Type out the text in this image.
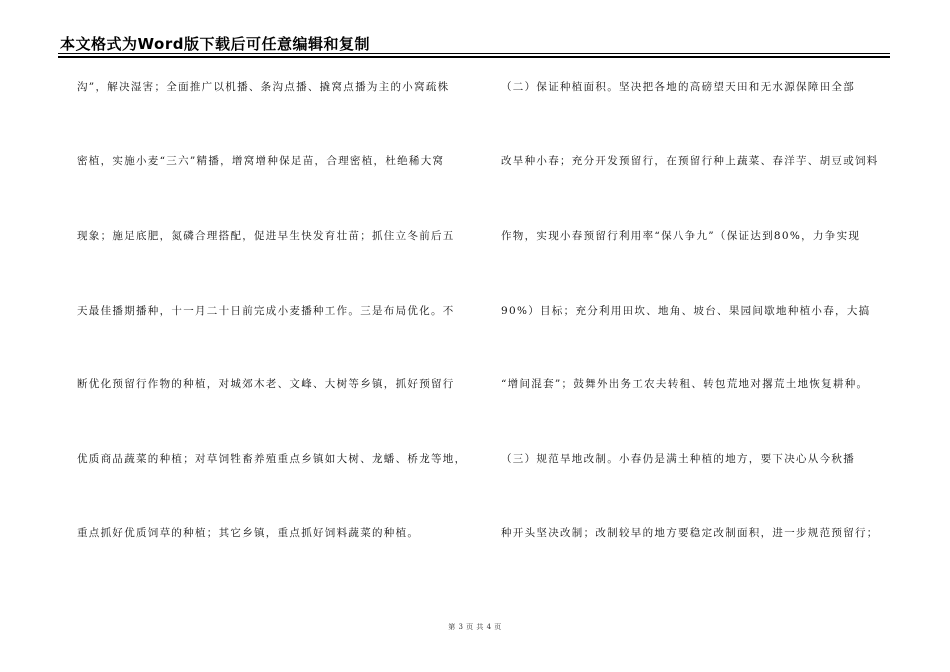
本文格式为Word版下载后可任意编辑和复制
沟”，解决湿害；全面推广以机播、条沟点播、撬窝点播为主的小窝疏株
密植，实施小麦“三六”精播，增窝增种保足苗，合理密植，杜绝稀大窝
现象；施足底肥，氮磷合理搭配，促进早生快发育壮苗；抓住立冬前后五
天最佳播期播种，十一月二十日前完成小麦播种工作。三是布局优化。不
断优化预留行作物的种植，对城郊木老、文峰、大树等乡镇，抓好预留行
优质商品蔬菜的种植；对草饲牲畜养殖重点乡镇如大树、龙蟠、桥龙等地，
重点抓好优质饲草的种植；其它乡镇，重点抓好饲料蔬菜的种植。
（二）保证种植面积。坚决把各地的高磅望天田和无水源保障田全部
改旱种小春；充分开发预留行，在预留行种上蔬菜、春洋芋、胡豆或饲料
作物，实现小春预留行利用率“保八争九”（保证达到80%，力争实现
90%）目标；充分利用田坎、地角、坡台、果园间歇地种植小春，大搞
“增间混套”；鼓舞外出务工农夫转租、转包荒地对撂荒土地恢复耕种。
（三）规范旱地改制。小春仍是满土种植的地方，要下决心从今秋播
种开头坚决改制；改制较早的地方要稳定改制面积，进一步规范预留行；
第 3 页 共 4 页
